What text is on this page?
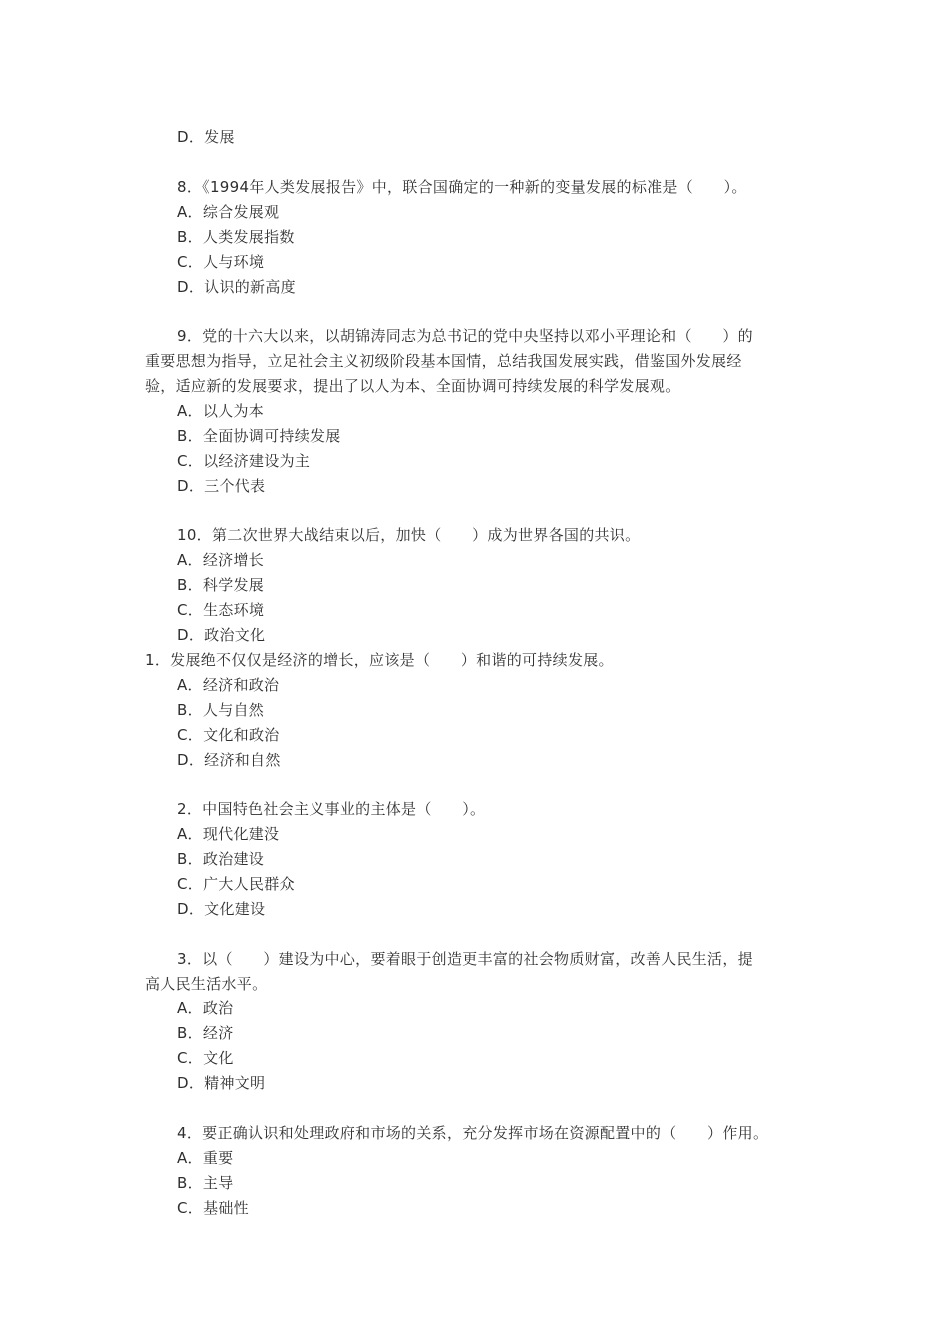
D．发展
8．《1994年人类发展报告》中，联合国确定的一种新的变量发展的标准是（　　）。
A．综合发展观
B．人类发展指数
C．人与环境
D．认识的新高度
9．党的十六大以来，以胡锦涛同志为总书记的党中央坚持以邓小平理论和（　　）的
重要思想为指导，立足社会主义初级阶段基本国情，总结我国发展实践，借鉴国外发展经
验，适应新的发展要求，提出了以人为本、全面协调可持续发展的科学发展观。
A．以人为本
B．全面协调可持续发展
C．以经济建设为主
D．三个代表
10．第二次世界大战结束以后，加快（　　）成为世界各国的共识。
A．经济增长
B．科学发展
C．生态环境
D．政治文化
1．发展绝不仅仅是经济的增长，应该是（　　）和谐的可持续发展。
A．经济和政治
B．人与自然
C．文化和政治
D．经济和自然
2．中国特色社会主义事业的主体是（　　）。
A．现代化建没
B．政治建设
C．广大人民群众
D．文化建设
3．以（　　）建设为中心，要着眼于创造更丰富的社会物质财富，改善人民生活，提
高人民生活水平。
A．政治
B．经济
C．文化
D．精神文明
4．要正确认识和处理政府和市场的关系，充分发挥市场在资源配置中的（　　）作用。
A．重要
B．主导
C．基础性
